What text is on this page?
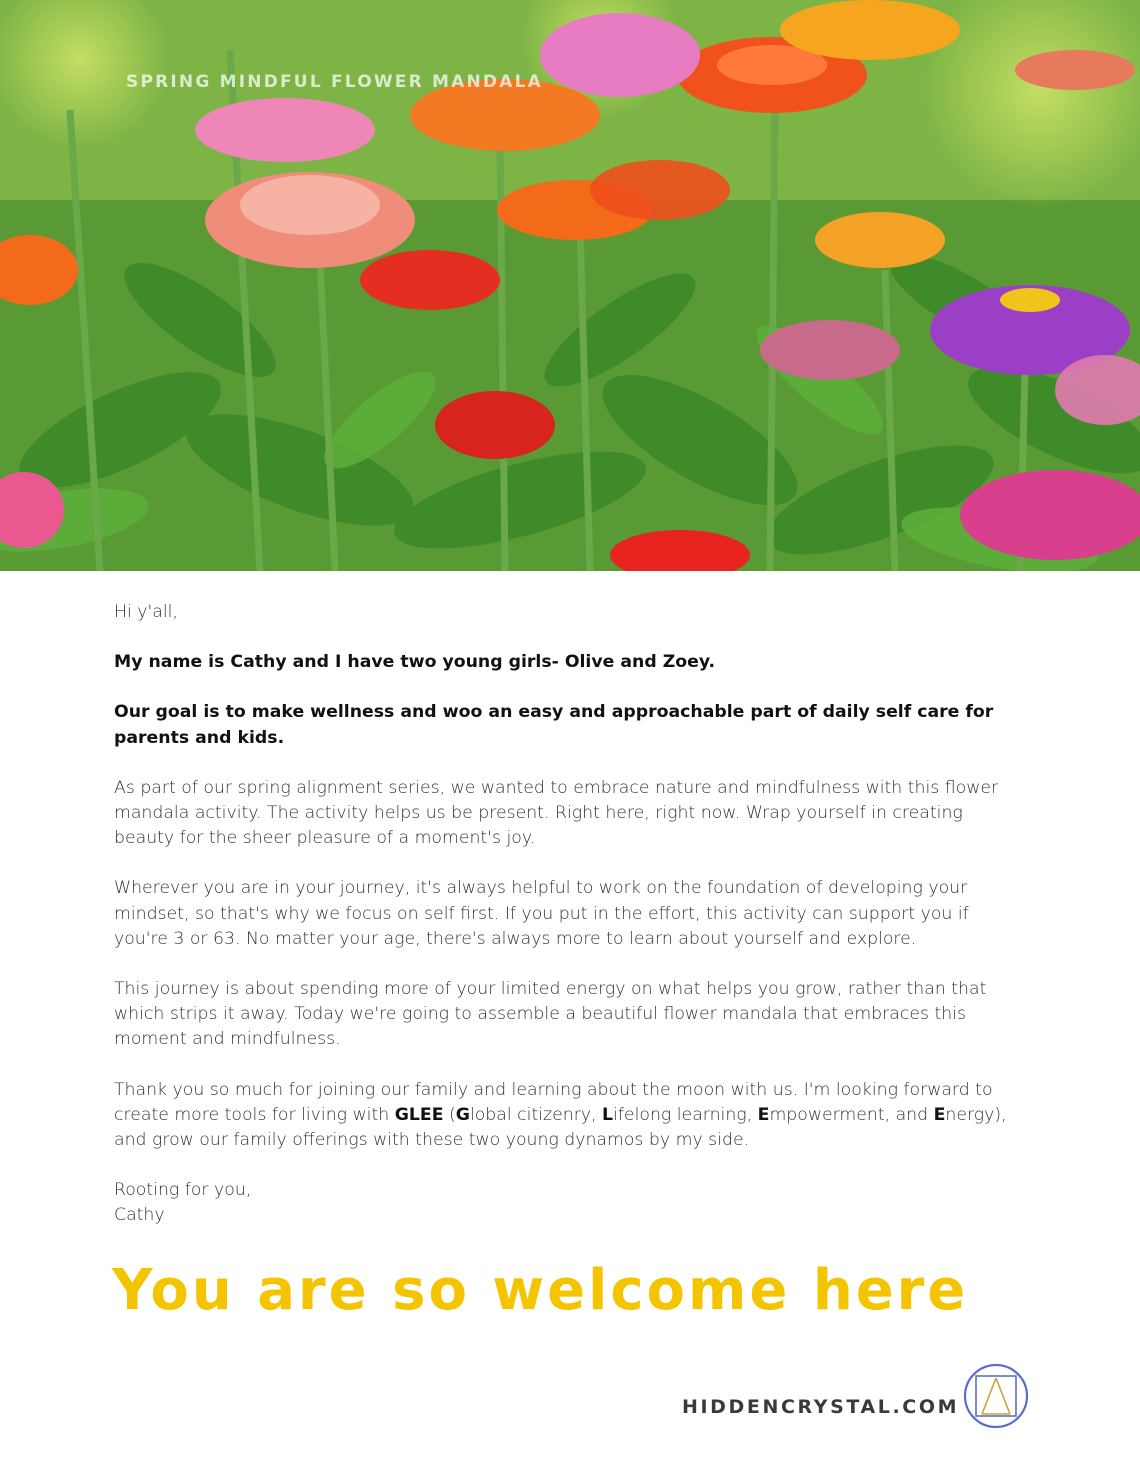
SPRING MINDFUL FLOWER MANDALA

Hi y'all,

My name is Cathy and I have two young girls- Olive and Zoey.

Our goal is to make wellness and woo an easy and approachable part of daily self care for parents and kids.

As part of our spring alignment series, we wanted to embrace nature and mindfulness with this flower mandala activity. The activity helps us be present. Right here, right now. Wrap yourself in creating beauty for the sheer pleasure of a moment's joy.

Wherever you are in your journey, it's always helpful to work on the foundation of developing your mindset, so that's why we focus on self first. If you put in the effort, this activity can support you if you're 3 or 63. No matter your age, there's always more to learn about yourself and explore.

This journey is about spending more of your limited energy on what helps you grow, rather than that which strips it away. Today we're going to assemble a beautiful flower mandala that embraces this moment and mindfulness.

Thank you so much for joining our family and learning about the moon with us. I'm looking forward to create more tools for living with GLEE (Global citizenry, Lifelong learning, Empowerment, and Energy), and grow our family offerings with these two young dynamos by my side.

Rooting for you,
Cathy

You are so welcome here
HIDDENCRYSTAL.COM
